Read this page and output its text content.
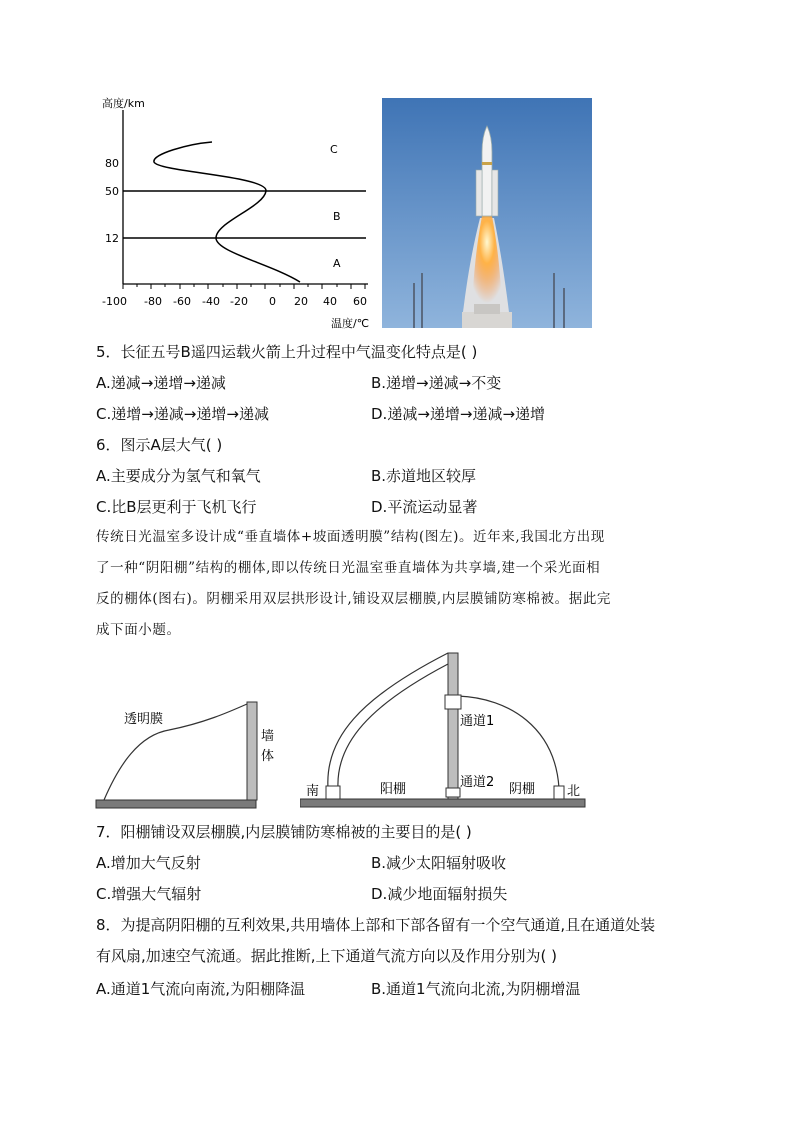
高度/km
80
50
12
C
B
A
-100 -80 -60 -40 -20 0 20 40 60
温度/℃
5．长征五号B遥四运载火箭上升过程中气温变化特点是( )
A.递减→递增→递减	B.递增→递减→不变
C.递增→递减→递增→递减	D.递减→递增→递减→递增
6．图示A层大气( )
A.主要成分为氢气和氧气	B.赤道地区较厚
C.比B层更利于飞机飞行	D.平流运动显著

传统日光温室多设计成“垂直墙体+坡面透明膜”结构(图左)。近年来,我国北方出现

了一种“阴阳棚”结构的棚体,即以传统日光温室垂直墙体为共享墙,建一个采光面相

反的棚体(图右)。阴棚采用双层拱形设计,铺设双层棚膜,内层膜铺防寒棉被。据此完

成下面小题。

透明膜
墙
体
南	北
阳棚	阴棚
通道1
通道2
7．阳棚铺设双层棚膜,内层膜铺防寒棉被的主要目的是( )
A.增加大气反射	B.减少太阳辐射吸收
C.增强大气辐射	D.减少地面辐射损失
8．为提高阴阳棚的互利效果,共用墙体上部和下部各留有一个空气通道,且在通道处装
有风扇,加速空气流通。据此推断,上下通道气流方向以及作用分别为( )
A.通道1气流向南流,为阳棚降温	B.通道1气流向北流,为阴棚增温
